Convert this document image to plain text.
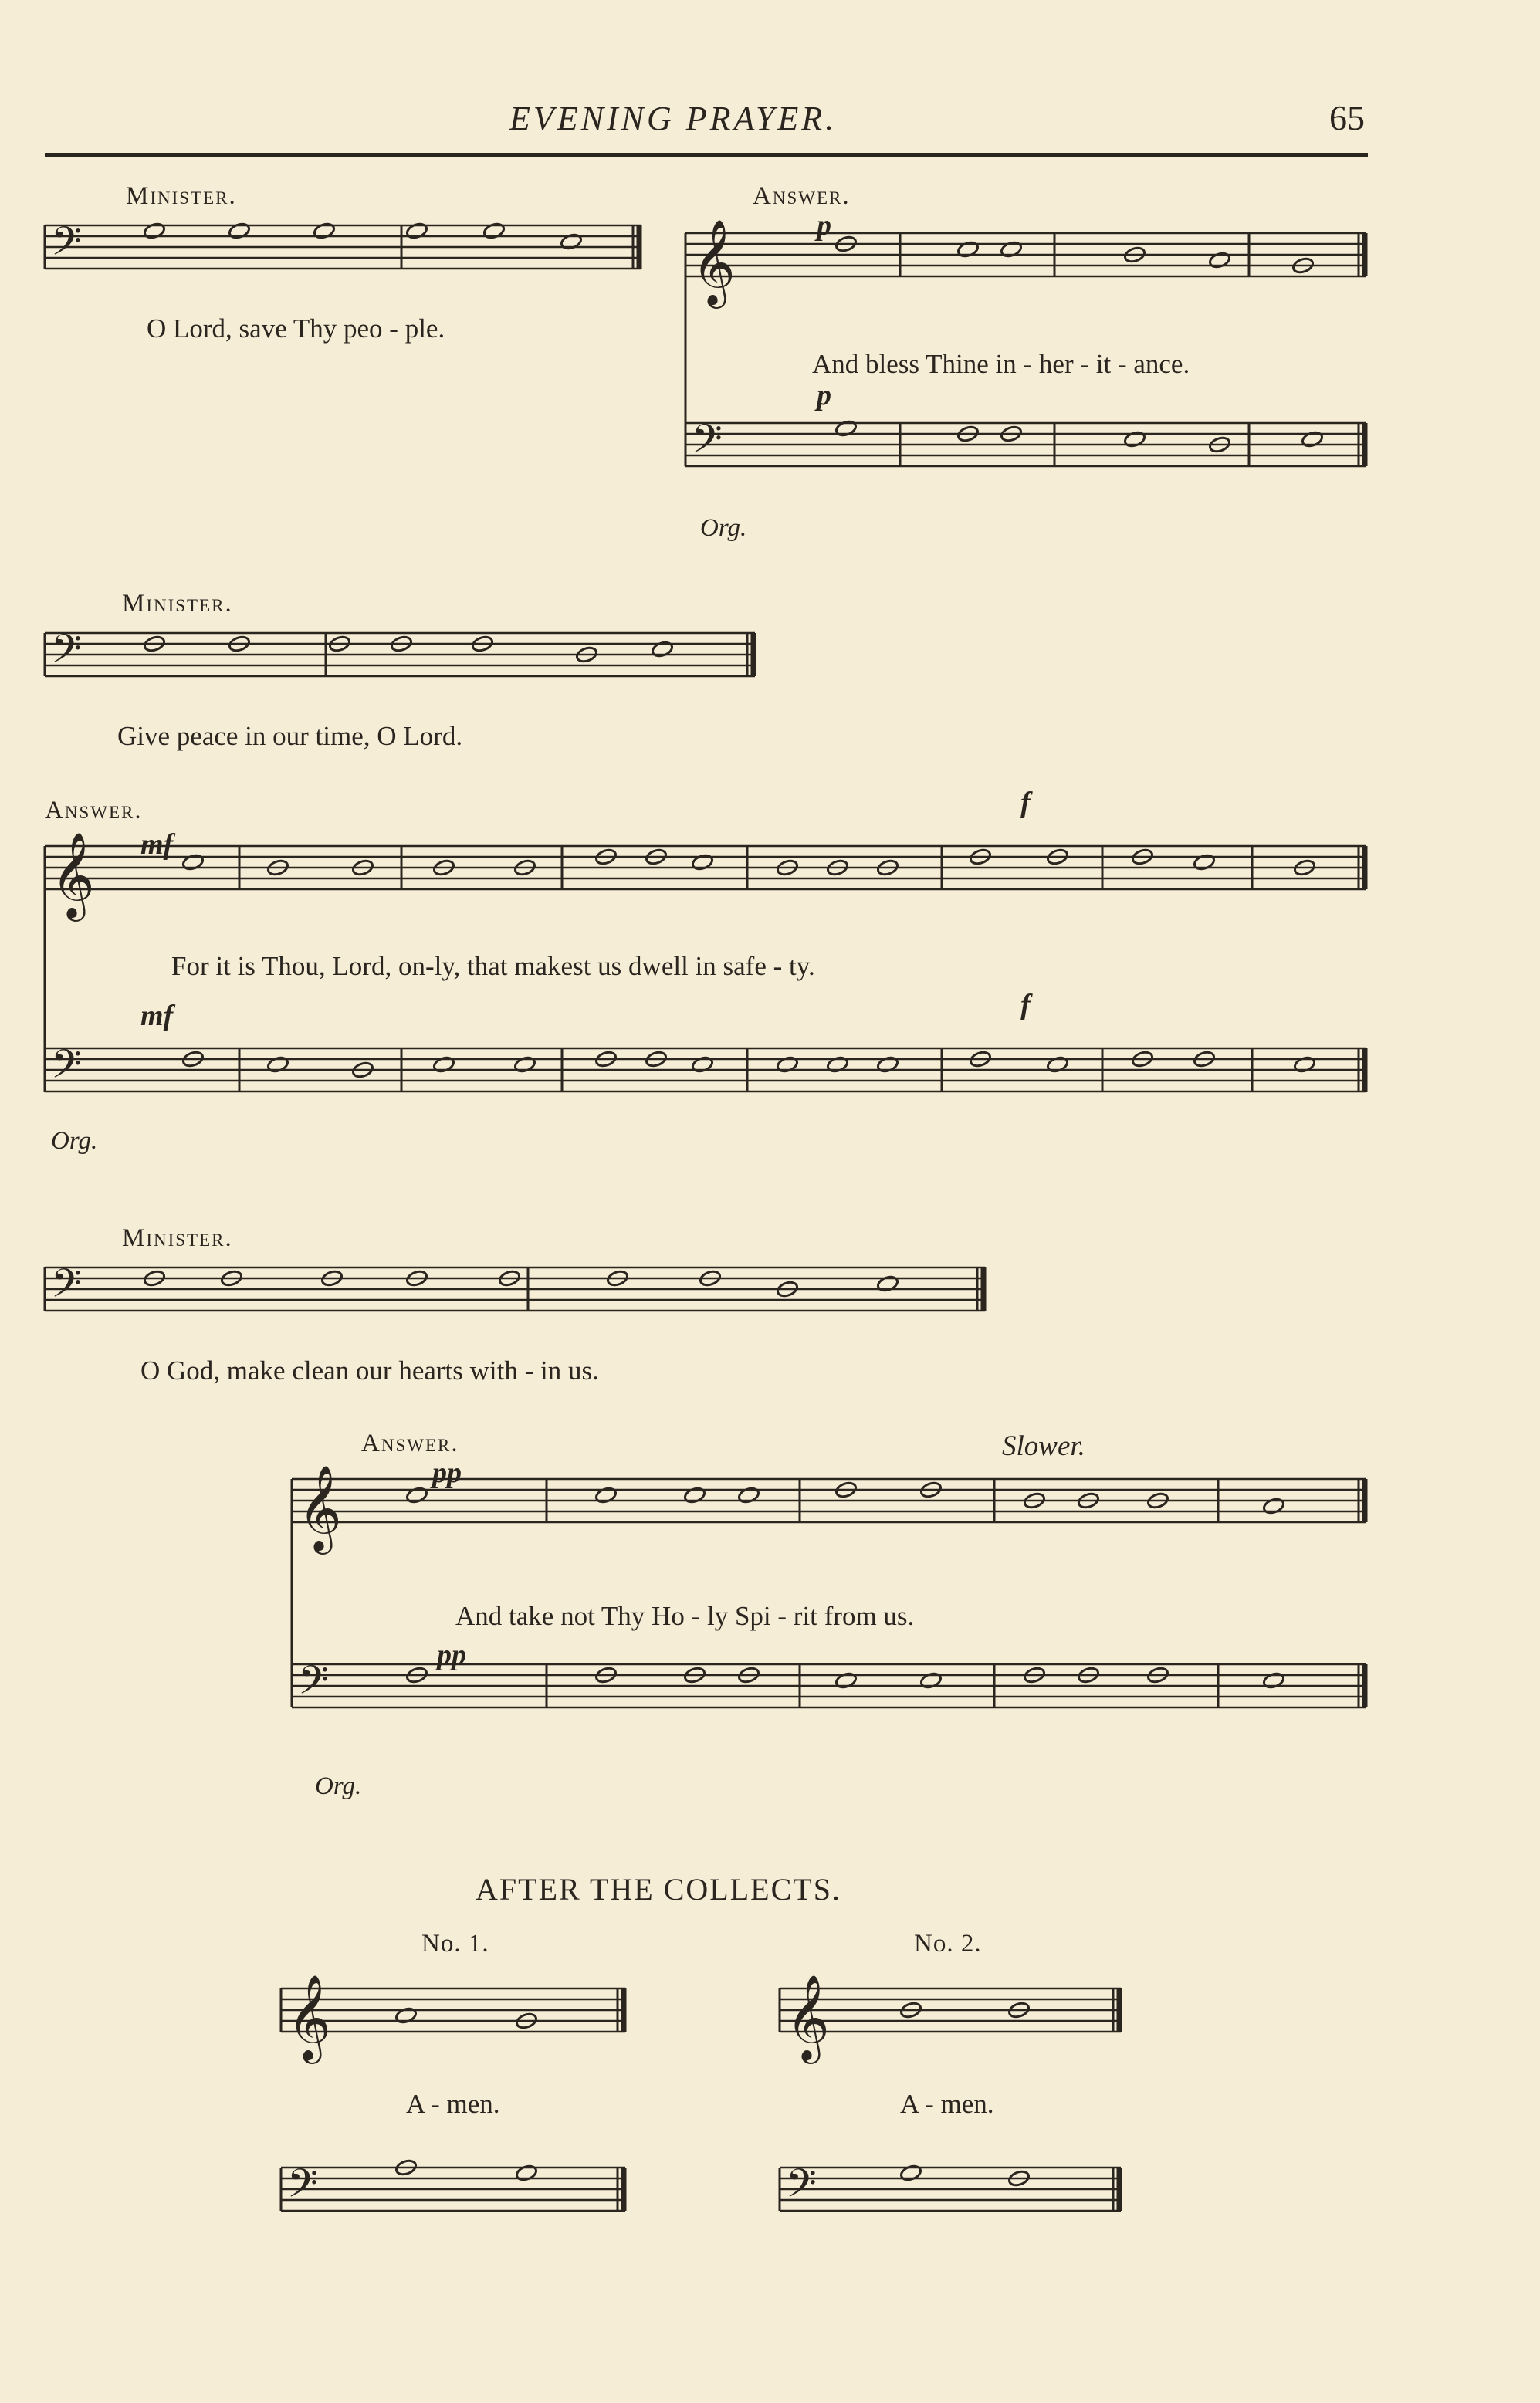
EVENING PRAYER.	65
𝄢	𝄞
𝄢
𝄢
𝄞
𝄢
𝄢
𝄞
𝄢
𝄞
𝄢
𝄞
𝄢
Minister.
O Lord, save Thy peo - ple.
Answer.
p
And bless Thine in - her - it - ance.
p
Org.
Minister.
Give peace in our time, O Lord.
Answer.
mf
f
For it is Thou, Lord, on-ly, that makest us dwell in safe - ty.
mf	f
Org.
Minister.
O God, make clean our hearts with - in us.
Answer.	Slower.
pp
And take not Thy Ho - ly Spi - rit from us.
pp
Org.
AFTER THE COLLECTS.
No. 1.	No. 2.
A - men.	A - men.
